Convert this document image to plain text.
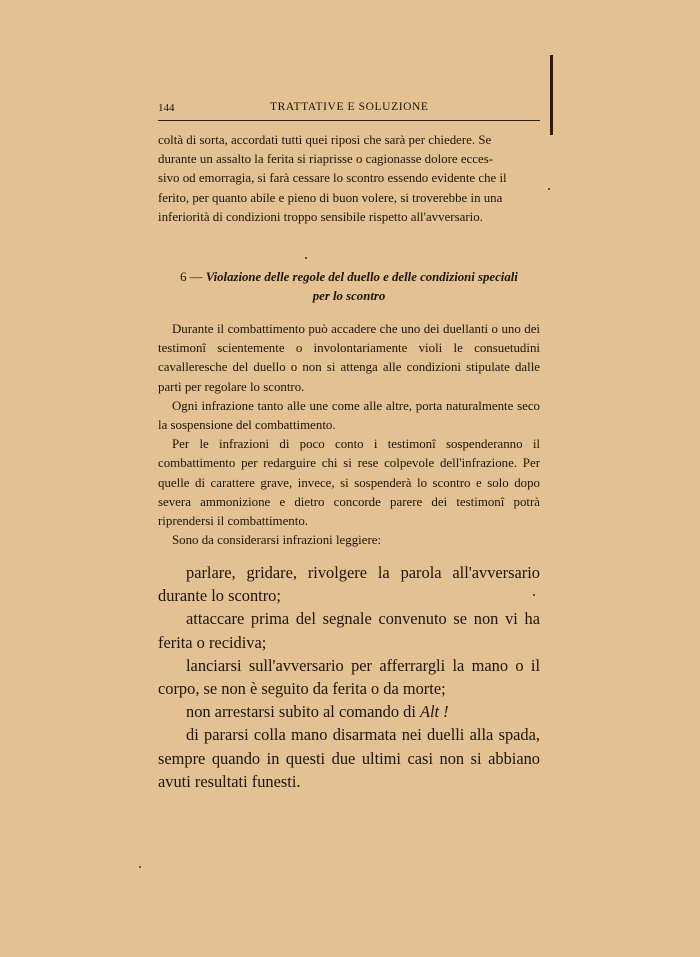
144	TRATTATIVE E SOLUZIONE
coltà di sorta, accordati tutti quei riposi che sarà per chiedere. Se
durante un assalto la ferita si riaprisse o cagionasse dolore ecces-
sivo od emorragia, si farà cessare lo scontro essendo evidente che il
ferito, per quanto abile e pieno di buon volere, si troverebbe in una
inferiorità di condizioni troppo sensibile rispetto all'avversario.
6 — Violazione delle regole del duello e delle condizioni speciali
per lo scontro

Durante il combattimento può accadere che uno dei duellanti o uno dei testimonî scientemente o involontariamente violi le consuetudini cavalleresche del duello o non si attenga alle condizioni stipulate dalle parti per regolare lo scontro.

Ogni infrazione tanto alle une come alle altre, porta naturalmente seco la sospensione del combattimento.

Per le infrazioni di poco conto i testimonî sospenderanno il combattimento per redarguire chi si rese colpevole dell'infrazione. Per quelle di carattere grave, invece, si sospenderà lo scontro e solo dopo severa ammonizione e dietro concorde parere dei testimonî potrà riprendersi il combattimento.

Sono da considerarsi infrazioni leggiere:

parlare, gridare, rivolgere la parola all'avversario durante lo scontro;

attaccare prima del segnale convenuto se non vi ha ferita o recidiva;

lanciarsi sull'avversario per afferrargli la mano o il corpo, se non è seguito da ferita o da morte;

non arrestarsi subito al comando di Alt !

di pararsi colla mano disarmata nei duelli alla spada, sempre quando in questi due ultimi casi non si abbiano avuti resultati funesti.
